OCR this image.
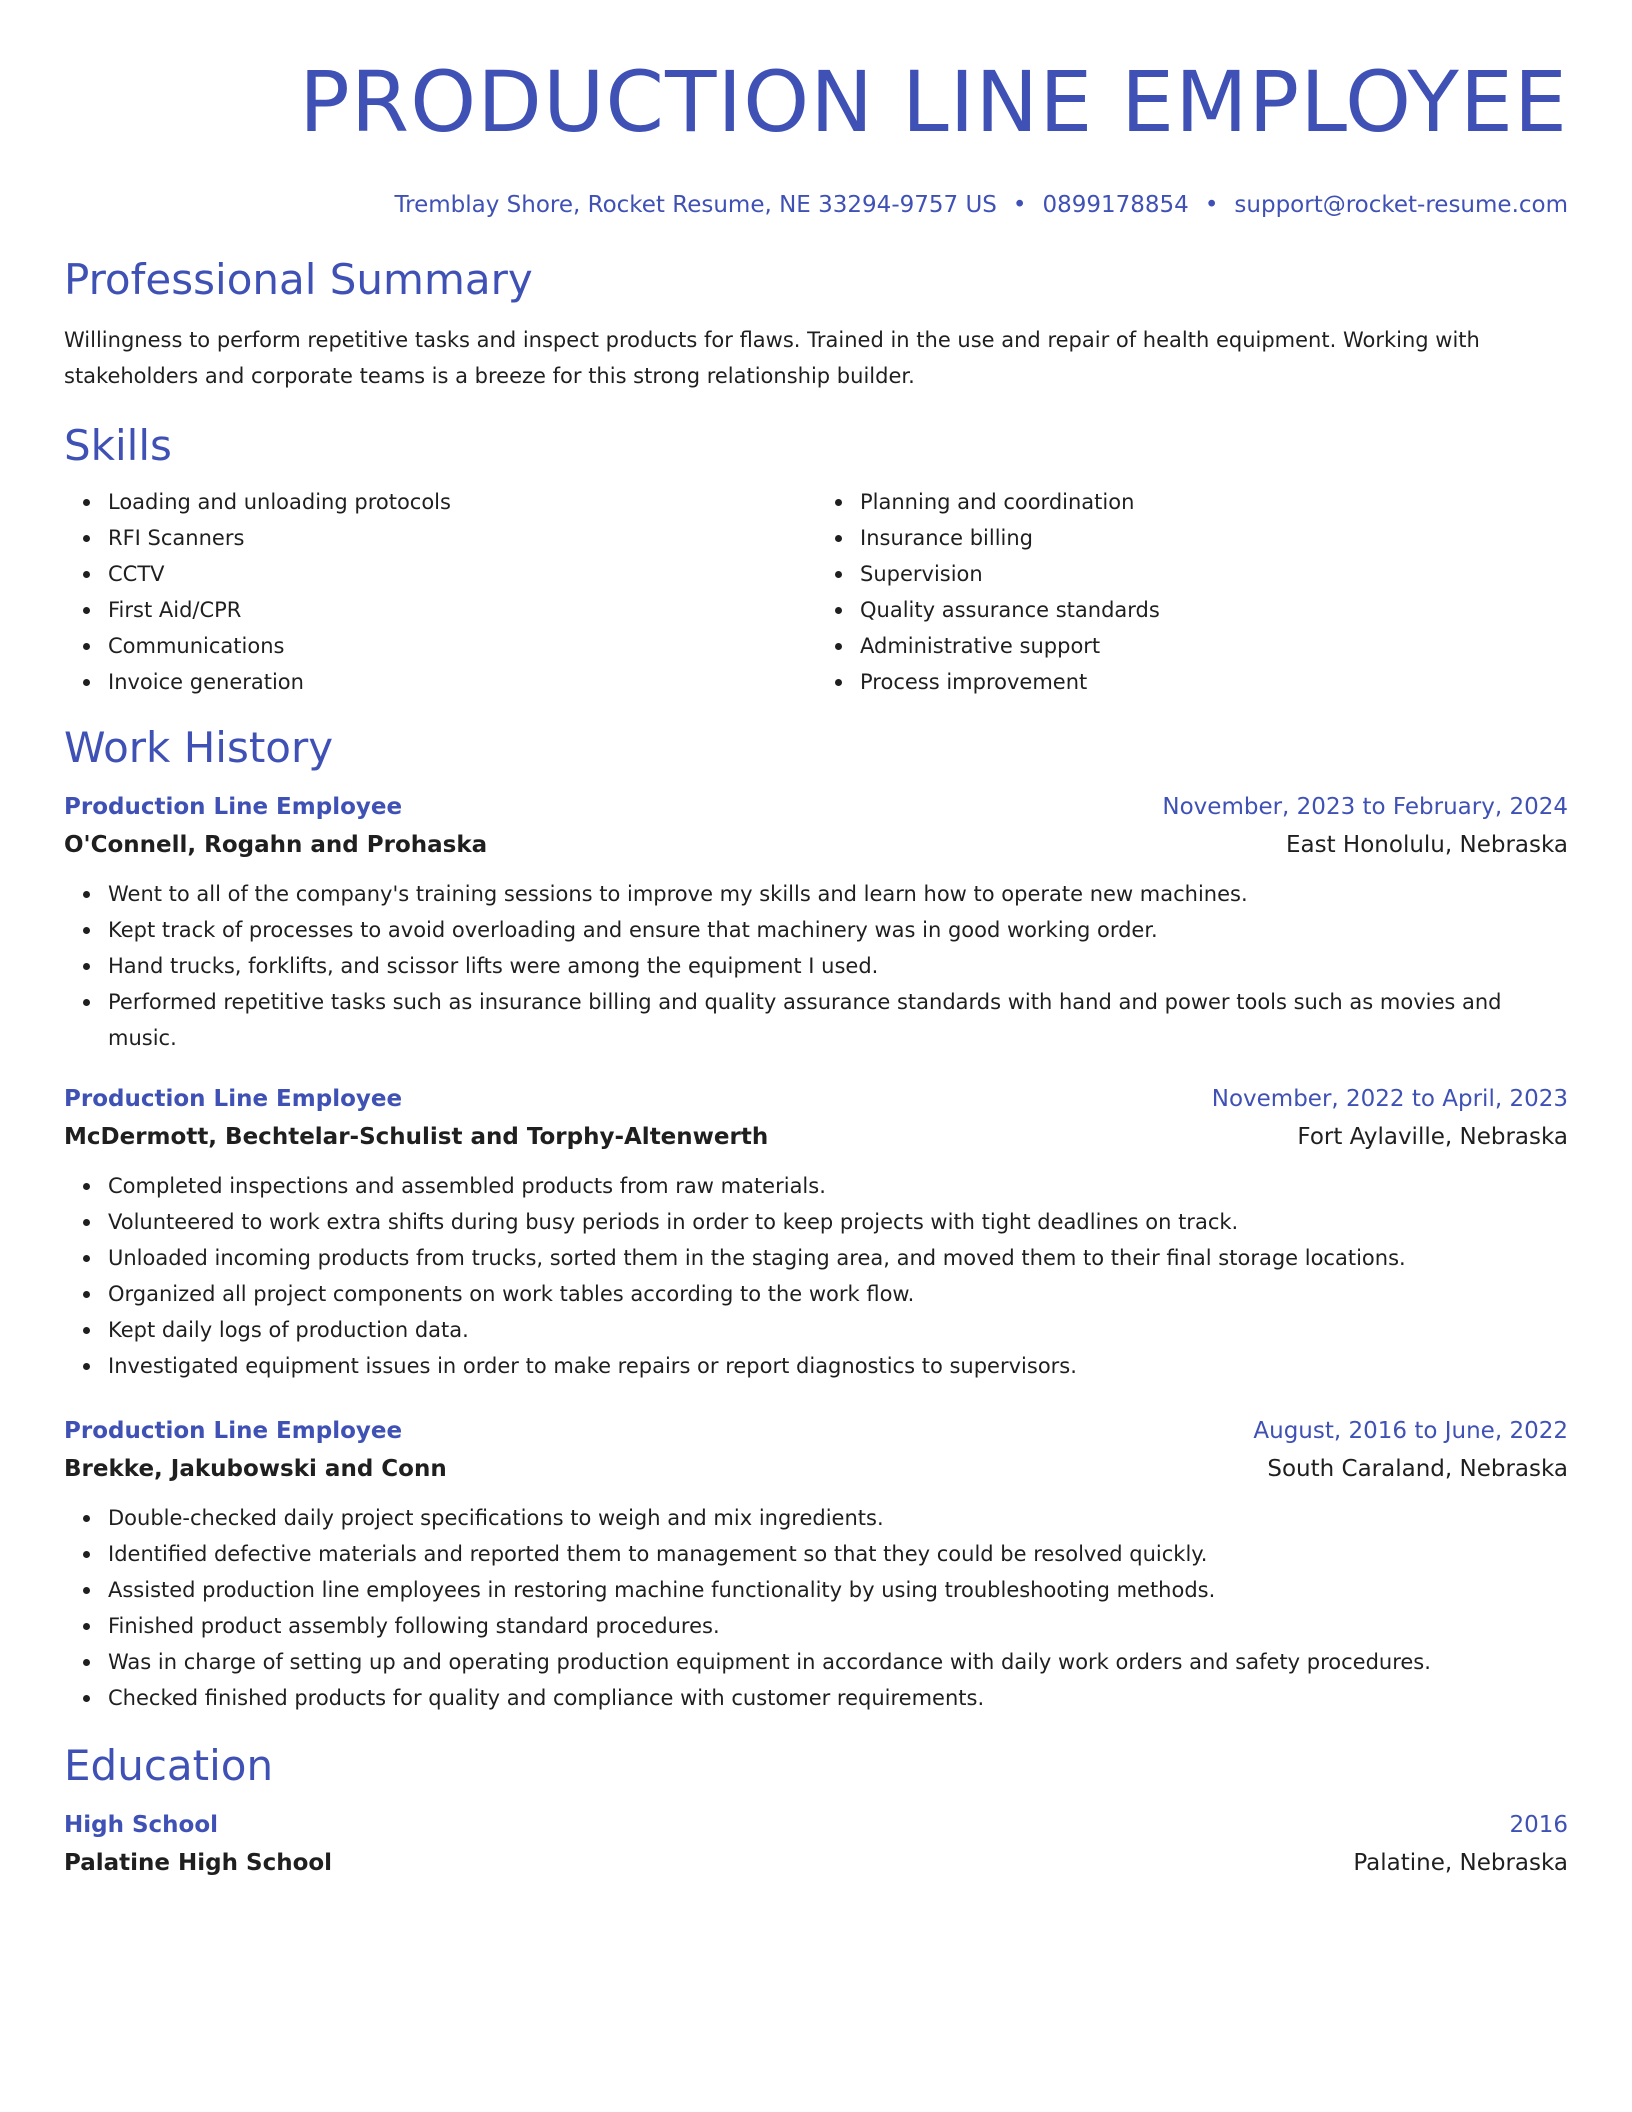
PRODUCTION LINE EMPLOYEE
Tremblay Shore, Rocket Resume, NE 33294-9757 US • 0899178854 • support@rocket-resume.com
Professional Summary
Willingness to perform repetitive tasks and inspect products for flaws. Trained in the use and repair of health equipment. Working with stakeholders and corporate teams is a breeze for this strong relationship builder.
Skills
Loading and unloading protocols
RFI Scanners
CCTV
First Aid/CPR
Communications
Invoice generation
Planning and coordination
Insurance billing
Supervision
Quality assurance standards
Administrative support
Process improvement
Work History
Production Line Employee	November, 2023 to February, 2024
O'Connell, Rogahn and Prohaska	East Honolulu, Nebraska
Went to all of the company's training sessions to improve my skills and learn how to operate new machines.
Kept track of processes to avoid overloading and ensure that machinery was in good working order.
Hand trucks, forklifts, and scissor lifts were among the equipment I used.
Performed repetitive tasks such as insurance billing and quality assurance standards with hand and power tools such as movies and music.
Production Line Employee	November, 2022 to April, 2023
McDermott, Bechtelar-Schulist and Torphy-Altenwerth	Fort Aylaville, Nebraska
Completed inspections and assembled products from raw materials.
Volunteered to work extra shifts during busy periods in order to keep projects with tight deadlines on track.
Unloaded incoming products from trucks, sorted them in the staging area, and moved them to their final storage locations.
Organized all project components on work tables according to the work flow.
Kept daily logs of production data.
Investigated equipment issues in order to make repairs or report diagnostics to supervisors.
Production Line Employee	August, 2016 to June, 2022
Brekke, Jakubowski and Conn	South Caraland, Nebraska
Double-checked daily project specifications to weigh and mix ingredients.
Identified defective materials and reported them to management so that they could be resolved quickly.
Assisted production line employees in restoring machine functionality by using troubleshooting methods.
Finished product assembly following standard procedures.
Was in charge of setting up and operating production equipment in accordance with daily work orders and safety procedures.
Checked finished products for quality and compliance with customer requirements.
Education
High School	2016
Palatine High School	Palatine, Nebraska
